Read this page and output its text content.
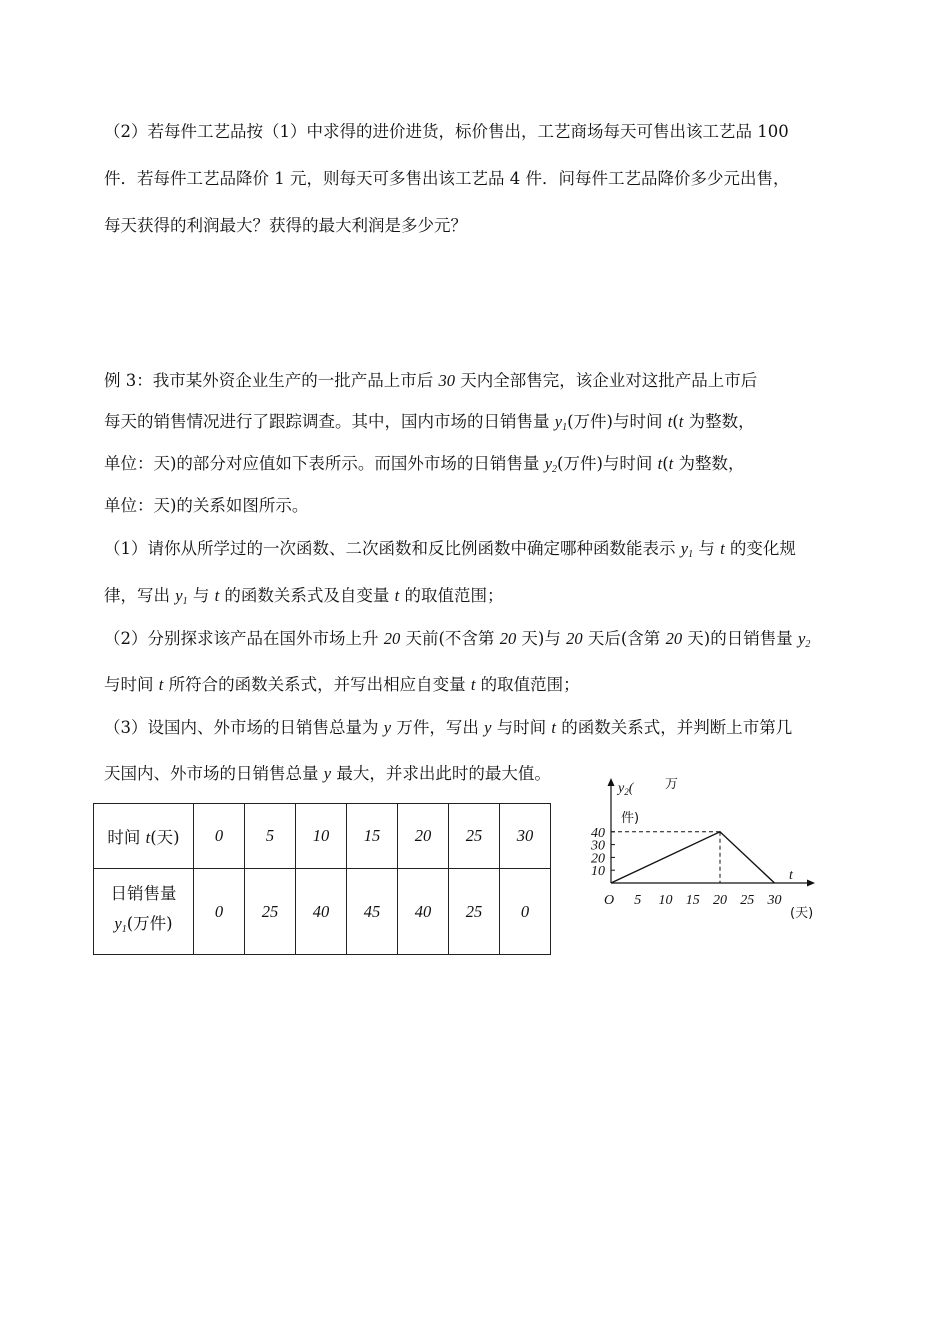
（2）若每件工艺品按（1）中求得的进价进货，标价售出，工艺商场每天可售出该工艺品 100
件．若每件工艺品降价 1 元，则每天可多售出该工艺品 4 件．问每件工艺品降价多少元出售，
每天获得的利润最大？获得的最大利润是多少元？
例 3：我市某外资企业生产的一批产品上市后 30 天内全部售完，该企业对这批产品上市后
每天的销售情况进行了跟踪调查。其中，国内市场的日销售量 $y_1$(万件)与时间 t(t 为整数，
单位：天)的部分对应值如下表所示。而国外市场的日销售量 $y_2$(万件)与时间 t(t 为整数，
单位：天)的关系如图所示。
（1）请你从所学过的一次函数、二次函数和反比例函数中确定哪种函数能表示 $y_1$ 与 t 的变化规
律，写出 $y_1$ 与 t 的函数关系式及自变量 t 的取值范围；
（2）分别探求该产品在国外市场上升 20 天前(不含第 20 天)与 20 天后(含第 20 天)的日销售量 $y_2$
与时间 t 所符合的函数关系式，并写出相应自变量 t 的取值范围；
（3）设国内、外市场的日销售总量为 y 万件，写出 y 与时间 t 的函数关系式，并判断上市第几
天国内、外市场的日销售总量 y 最大，并求出此时的最大值。
时间 t(天)	0	5	10	15	20	25	30
日销售量
$y_1$(万件)	0	25	40	45	40	25	0
5 10 15 20 25 30
10
20
30
40
$y_2$( 万
件)
t
(天)
O
